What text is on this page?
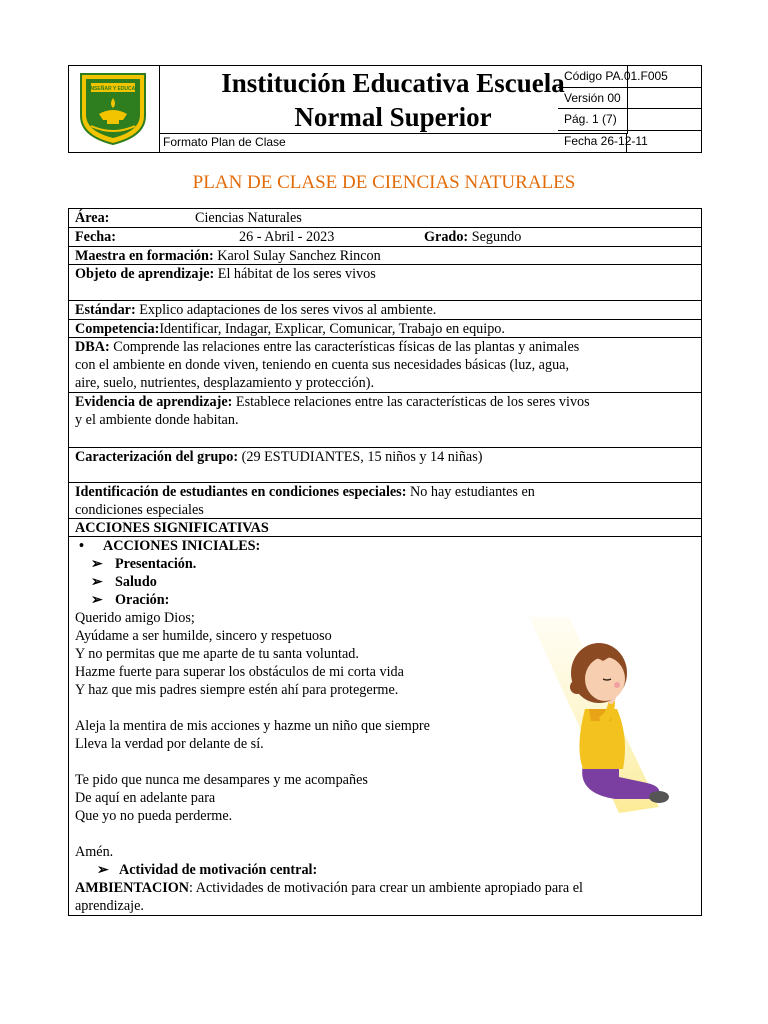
ENSEÑAR Y EDUCAR	Institución Educativa Escuela
Normal Superior
Formato Plan de Clase
Código PA.01.F005
Versión 00
Pág. 1 (7)
Fecha 26-12-11
PLAN DE CLASE DE CIENCIAS NATURALES
Área:	Ciencias Naturales
Fecha:	26 - Abril - 2023	Grado: Segundo
Maestra en formación: Karol Sulay Sanchez Rincon
Objeto de aprendizaje: El hábitat de los seres vivos
Estándar: Explico adaptaciones de los seres vivos al ambiente.
Competencia:Identificar, Indagar, Explicar, Comunicar, Trabajo en equipo.
DBA: Comprende las relaciones entre las características físicas de las plantas y animales
con el ambiente en donde viven, teniendo en cuenta sus necesidades básicas (luz, agua,
aire, suelo, nutrientes, desplazamiento y protección).
Evidencia de aprendizaje: Establece relaciones entre las características de los seres vivos
y el ambiente donde habitan.
Caracterización del grupo: (29 ESTUDIANTES, 15 niños y 14 niñas)
Identificación de estudiantes en condiciones especiales: No hay estudiantes en
condiciones especiales
ACCIONES SIGNIFICATIVAS
• ACCIONES INICIALES:
➢ Presentación.
➢ Saludo
➢ Oración:
Querido amigo Dios;
Ayúdame a ser humilde, sincero y respetuoso
Y no permitas que me aparte de tu santa voluntad.
Hazme fuerte para superar los obstáculos de mi corta vida
Y haz que mis padres siempre estén ahí para protegerme.
Aleja la mentira de mis acciones y hazme un niño que siempre
Lleva la verdad por delante de sí.
Te pido que nunca me desampares y me acompañes
De aquí en adelante para
Que yo no pueda perderme.
Amén.
➢ Actividad de motivación central:
AMBIENTACION: Actividades de motivación para crear un ambiente apropiado para el
aprendizaje.
